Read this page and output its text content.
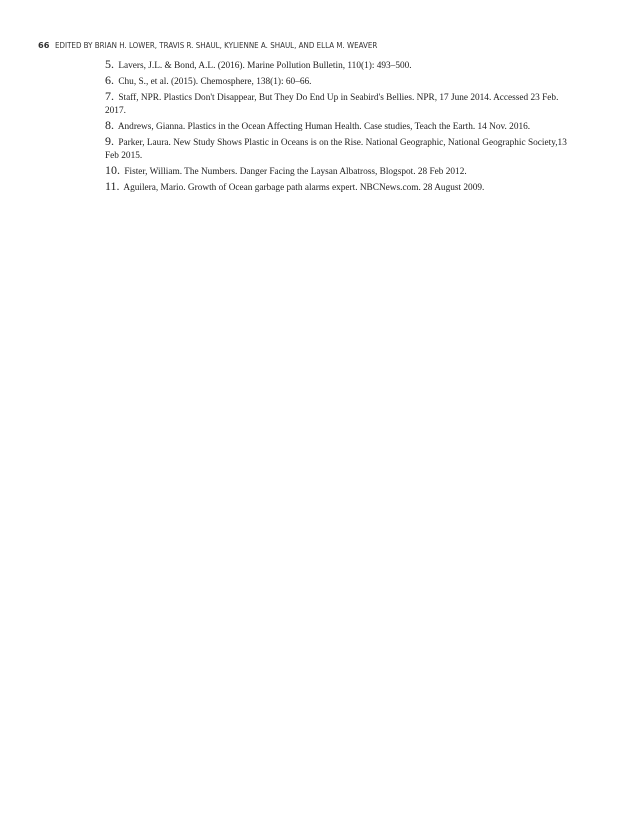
66 EDITED BY BRIAN H. LOWER, TRAVIS R. SHAUL, KYLIENNE A. SHAUL, AND ELLA M. WEAVER
5. Lavers, J.L. & Bond, A.L. (2016). Marine Pollution Bulletin, 110(1): 493–500.
6. Chu, S., et al. (2015). Chemosphere, 138(1): 60–66.
7. Staff, NPR. Plastics Don't Disappear, But They Do End Up in Seabird's Bellies. NPR, 17 June 2014. Accessed 23 Feb. 2017.
8. Andrews, Gianna. Plastics in the Ocean Affecting Human Health. Case studies, Teach the Earth. 14 Nov. 2016.
9. Parker, Laura. New Study Shows Plastic in Oceans is on the Rise. National Geographic, National Geographic Society,13 Feb 2015.
10. Fister, William. The Numbers. Danger Facing the Laysan Albatross, Blogspot. 28 Feb 2012.
11. Aguilera, Mario. Growth of Ocean garbage path alarms expert. NBCNews.com. 28 August 2009.
